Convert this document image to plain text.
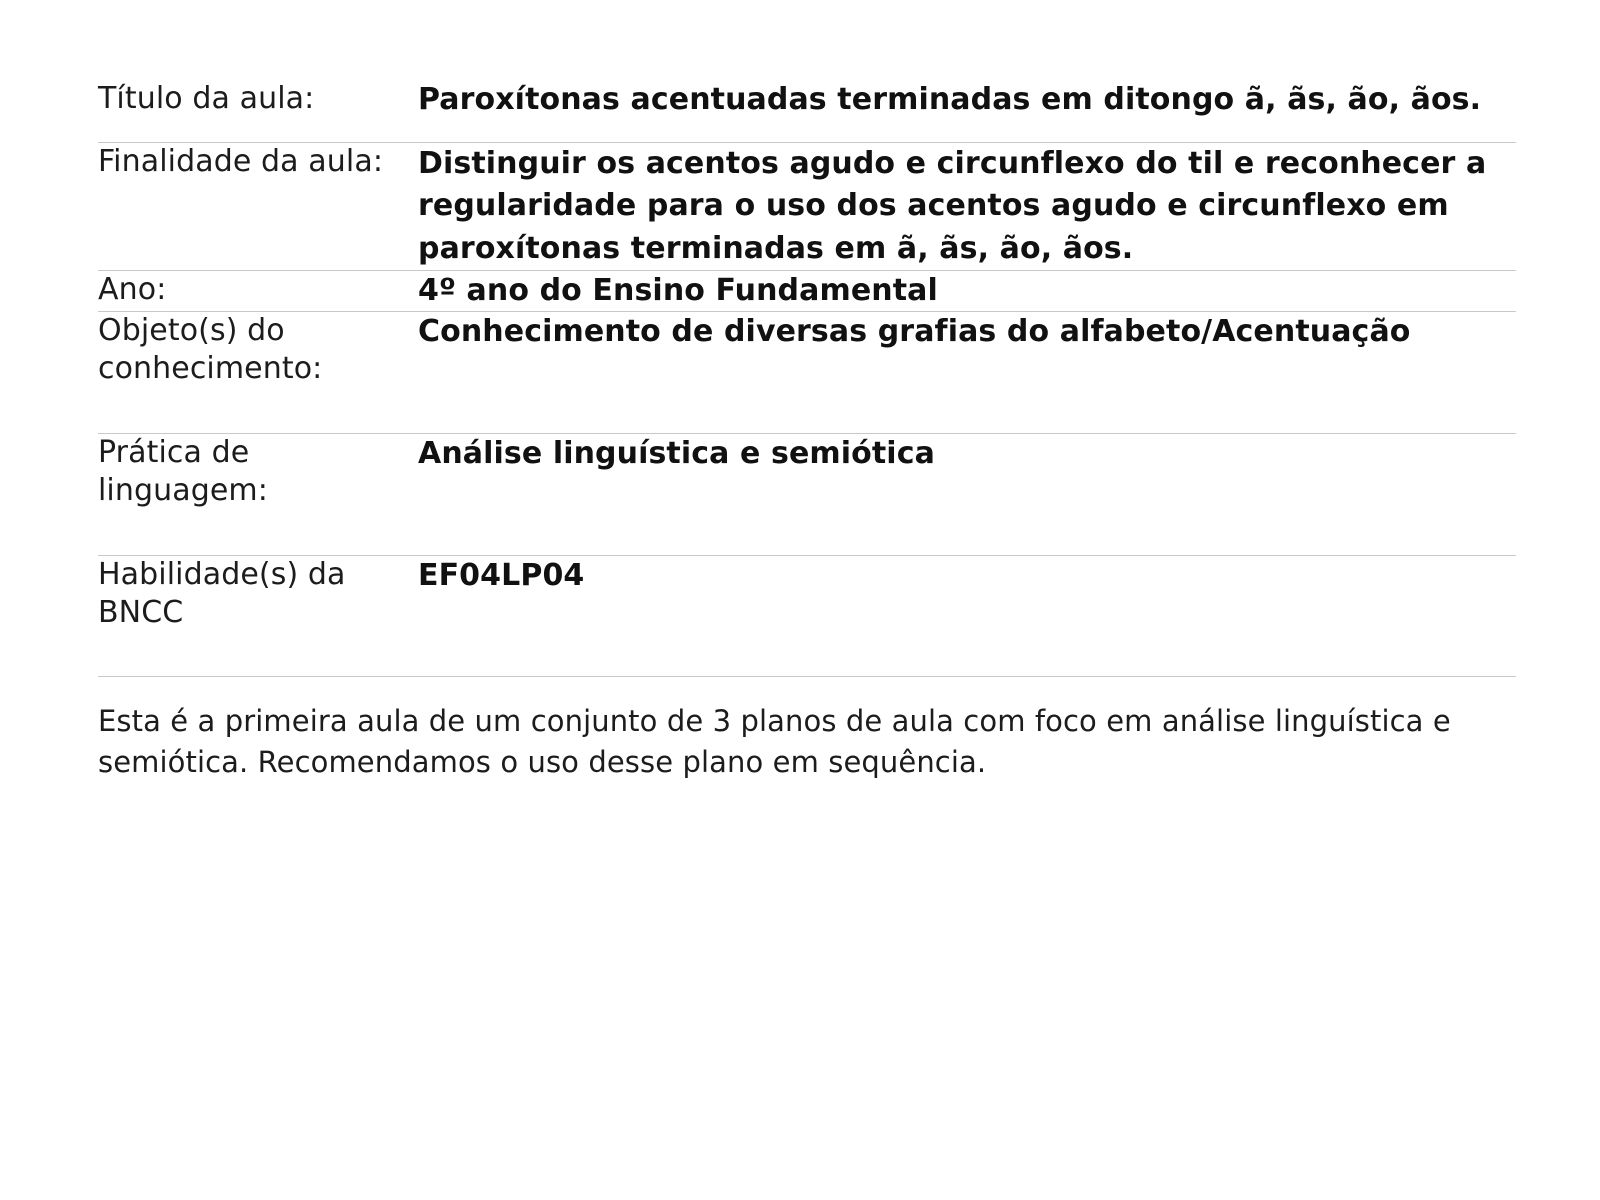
Título da aula:	Paroxítonas acentuadas terminadas em ditongo ã, ãs, ão, ãos.
Finalidade da aula:	Distinguir os acentos agudo e circunflexo do til e reconhecer a regularidade para o uso dos acentos agudo e circunflexo em paroxítonas terminadas em ã, ãs, ão, ãos.
Ano:	4º ano do Ensino Fundamental
Objeto(s) do conhecimento:	Conhecimento de diversas grafias do alfabeto/Acentuação
Prática de linguagem:	Análise linguística e semiótica
Habilidade(s) da BNCC	EF04LP04

Esta é a primeira aula de um conjunto de 3 planos de aula com foco em análise linguística e semiótica. Recomendamos o uso desse plano em sequência.
